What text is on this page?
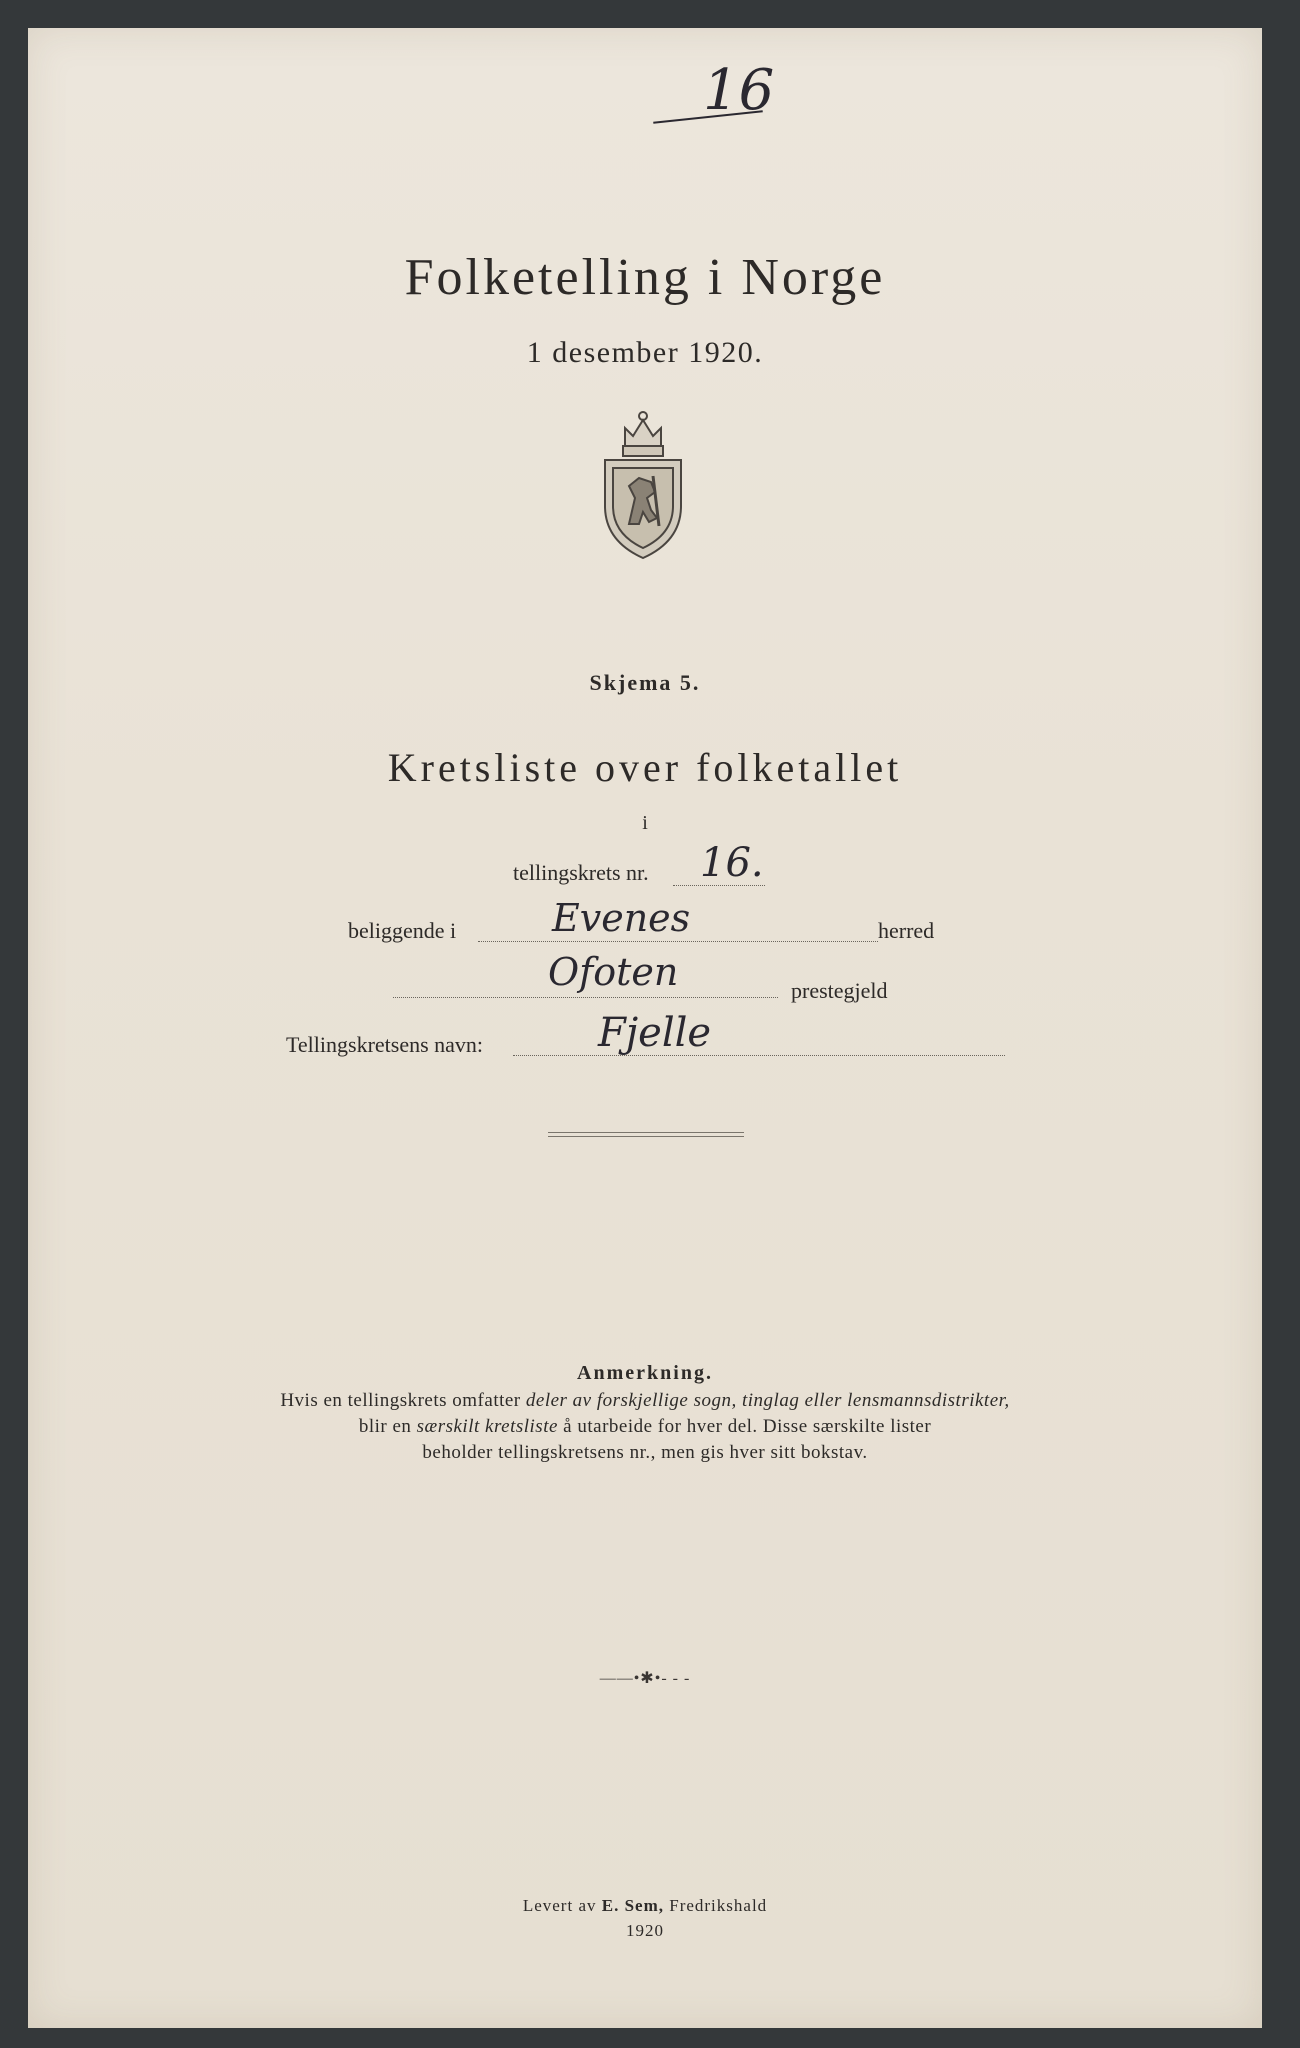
16
Folketelling i Norge
1 desember 1920.
Skjema 5.
Kretsliste over folketallet
i
tellingskrets nr. 16.
beliggende i	Evenes	herred
Ofoten	prestegjeld
Tellingskretsens navn:	Fjelle
Anmerkning.
Hvis en tellingskrets omfatter deler av forskjellige sogn, tinglag eller lensmannsdistrikter,
blir en særskilt kretsliste å utarbeide for hver del. Disse særskilte lister
beholder tellingskretsens nr., men gis hver sitt bokstav.
——•✱•- - -
Levert av E. Sem, Fredrikshald
1920
